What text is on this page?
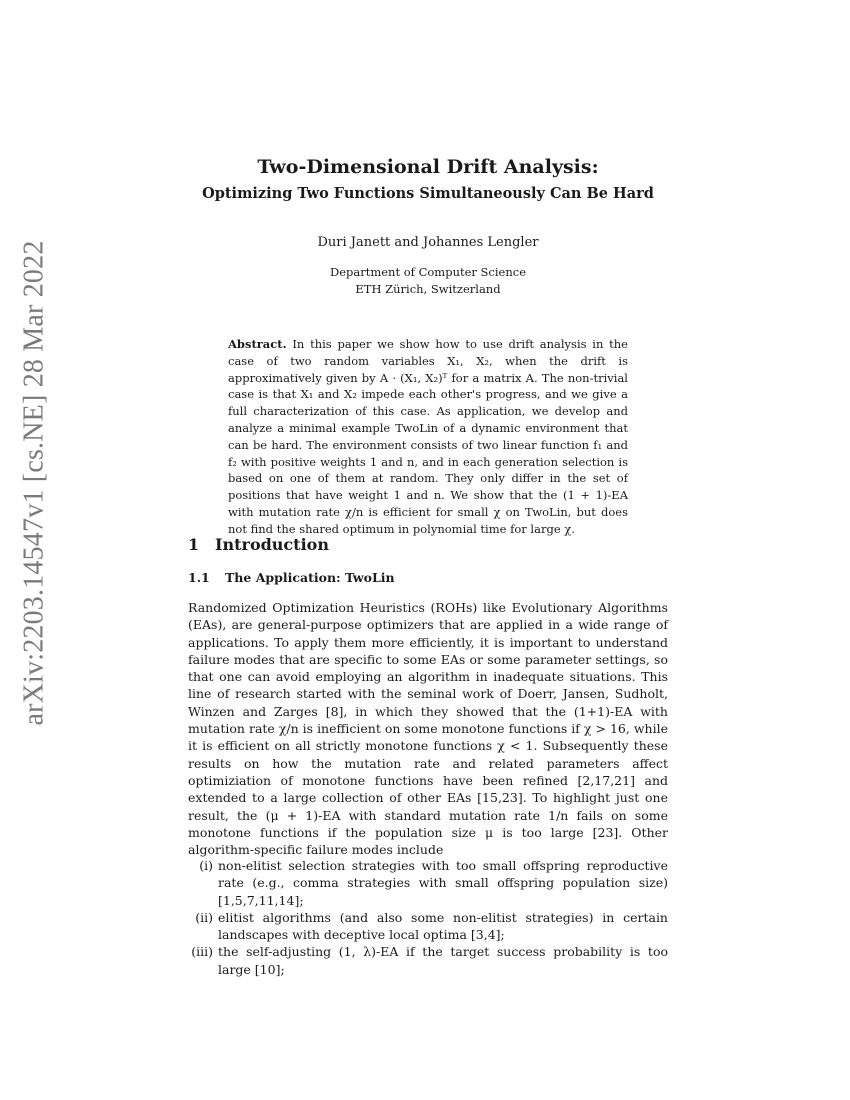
arXiv:2203.14547v1 [cs.NE] 28 Mar 2022
Two-Dimensional Drift Analysis:
Optimizing Two Functions Simultaneously Can Be Hard
Duri Janett and Johannes Lengler
Department of Computer Science
ETH Zürich, Switzerland

Abstract. In this paper we show how to use drift analysis in the case of two random variables X₁, X₂, when the drift is approximatively given by A · (X₁, X₂)ᵀ for a matrix A. The non-trivial case is that X₁ and X₂ impede each other's progress, and we give a full characterization of this case. As application, we develop and analyze a minimal example TwoLin of a dynamic environment that can be hard. The environment consists of two linear function f₁ and f₂ with positive weights 1 and n, and in each generation selection is based on one of them at random. They only differ in the set of positions that have weight 1 and n. We show that the (1 + 1)-EA with mutation rate χ/n is efficient for small χ on TwoLin, but does not find the shared optimum in polynomial time for large χ.

1 Introduction
1.1 The Application: TwoLin

Randomized Optimization Heuristics (ROHs) like Evolutionary Algorithms (EAs), are general-purpose optimizers that are applied in a wide range of applications. To apply them more efficiently, it is important to understand failure modes that are specific to some EAs or some parameter settings, so that one can avoid employing an algorithm in inadequate situations. This line of research started with the seminal work of Doerr, Jansen, Sudholt, Winzen and Zarges [8], in which they showed that the (1+1)-EA with mutation rate χ/n is inefficient on some monotone functions if χ > 16, while it is efficient on all strictly monotone functions χ < 1. Subsequently these results on how the mutation rate and related parameters affect optimiziation of monotone functions have been refined [2,17,21] and extended to a large collection of other EAs [15,23]. To highlight just one result, the (μ + 1)-EA with standard mutation rate 1/n fails on some monotone functions if the population size μ is too large [23]. Other algorithm-specific failure modes include

(i) non-elitist selection strategies with too small offspring reproductive rate (e.g., comma strategies with small offspring population size) [1,5,7,11,14];
(ii) elitist algorithms (and also some non-elitist strategies) in certain landscapes with deceptive local optima [3,4];
(iii) the self-adjusting (1, λ)-EA if the target success probability is too large [10];
